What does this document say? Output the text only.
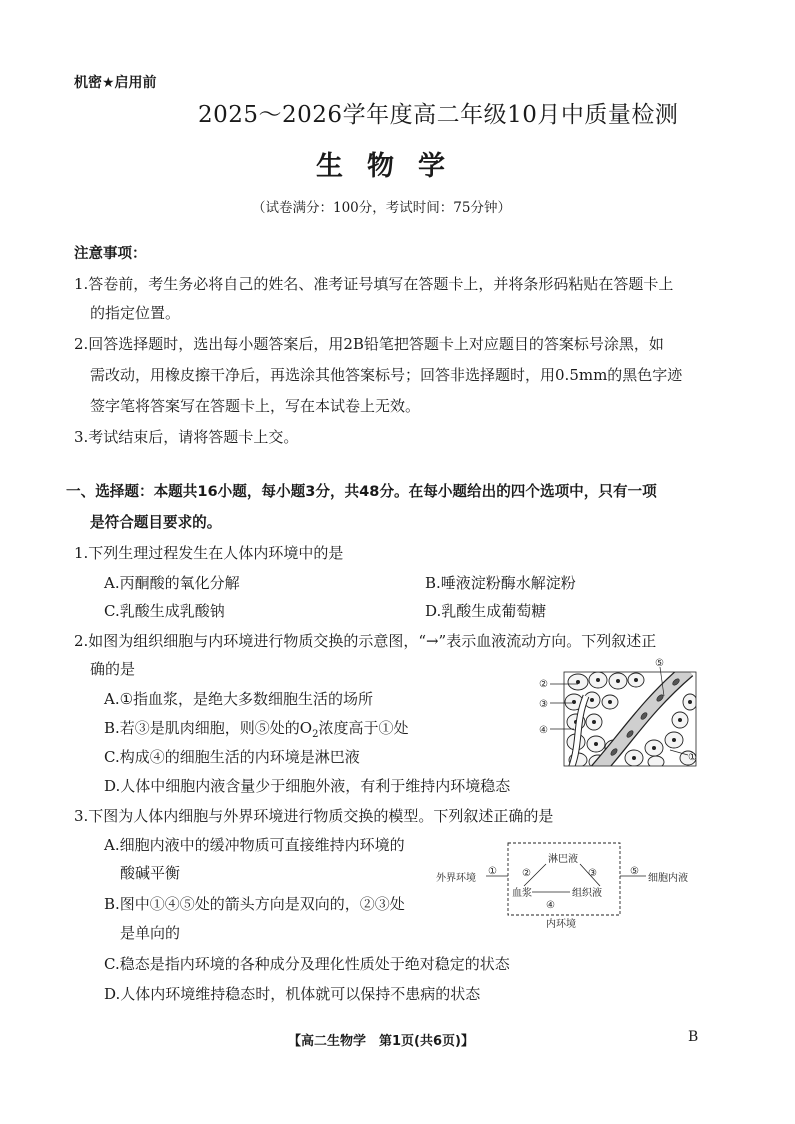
机密★启用前
2025～2026学年度高二年级10月中质量检测
生物学
（试卷满分：100分，考试时间：75分钟）
注意事项：
1.答卷前，考生务必将自己的姓名、准考证号填写在答题卡上，并将条形码粘贴在答题卡上
的指定位置。
2.回答选择题时，选出每小题答案后，用2B铅笔把答题卡上对应题目的答案标号涂黑，如
需改动，用橡皮擦干净后，再选涂其他答案标号；回答非选择题时，用0.5mm的黑色字迹
签字笔将答案写在答题卡上，写在本试卷上无效。
3.考试结束后，请将答题卡上交。
一、选择题：本题共16小题，每小题3分，共48分。在每小题给出的四个选项中，只有一项
是符合题目要求的。
1.下列生理过程发生在人体内环境中的是
A.丙酮酸的氧化分解	B.唾液淀粉酶水解淀粉
C.乳酸生成乳酸钠	D.乳酸生成葡萄糖
2.如图为组织细胞与内环境进行物质交换的示意图，“→”表示血液流动方向。下列叙述正
确的是
A.①指血浆，是绝大多数细胞生活的场所
B.若③是肌肉细胞，则⑤处的$O_2$浓度高于①处
C.构成④的细胞生活的内环境是淋巴液
D.人体中细胞内液含量少于细胞外液，有利于维持内环境稳态
②
③
④
⑤
①
3.下图为人体内细胞与外界环境进行物质交换的模型。下列叙述正确的是
A.细胞内液中的缓冲物质可直接维持内环境的
酸碱平衡
B.图中①④⑤处的箭头方向是双向的，②③处
是单向的
C.稳态是指内环境的各种成分及理化性质处于绝对稳定的状态
D.人体内环境维持稳态时，机体就可以保持不患病的状态
外界环境
①
淋巴液
②	③
血浆
④
组织液
⑤
细胞内液
内环境
【高二生物学　第1页(共6页)】	B
